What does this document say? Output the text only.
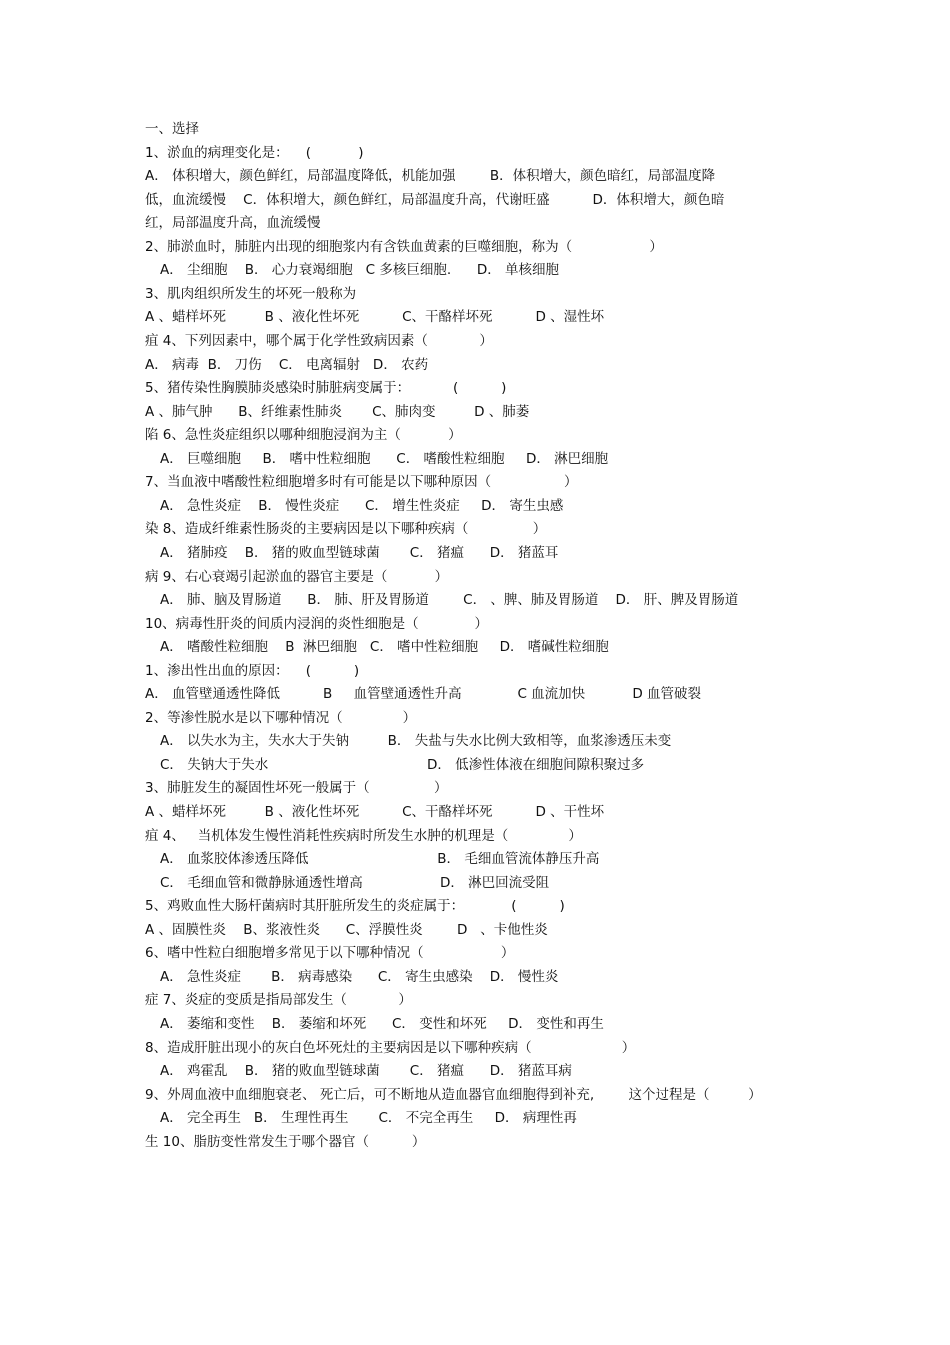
一、选择
1、淤血的病理变化是：    (           )
A． 体积增大，颜色鲜红，局部温度降低，机能加强        B．体积增大，颜色暗红，局部温度降
低，血流缓慢    C．体积增大，颜色鲜红，局部温度升高，代谢旺盛          D．体积增大，颜色暗
红，局部温度升高，血流缓慢
2、肺淤血时，肺脏内出现的细胞浆内有含铁血黄素的巨噬细胞，称为（                  ）
A． 尘细胞    B． 心力衰竭细胞   C 多核巨细胞.      D． 单核细胞
3、肌肉组织所发生的坏死一般称为
A 、蜡样坏死         B 、液化性坏死          C、干酪样坏死          D 、湿性坏
疽 4、下列因素中，哪个属于化学性致病因素（            ）
A． 病毒  B． 刀伤    C． 电离辐射   D． 农药
5、猪传染性胸膜肺炎感染时肺脏病变属于：          (          )
A 、肺气肿      B、纤维素性肺炎       C、肺肉变         D 、肺萎
陷 6、急性炎症组织以哪种细胞浸润为主（           ）
A． 巨噬细胞     B． 嗜中性粒细胞      C． 嗜酸性粒细胞     D． 淋巴细胞
7、当血液中嗜酸性粒细胞增多时有可能是以下哪种原因（                 ）
A． 急性炎症    B． 慢性炎症      C． 增生性炎症     D． 寄生虫感
染 8、造成纤维素性肠炎的主要病因是以下哪种疾病（               ）
A． 猪肺疫    B． 猪的败血型链球菌       C． 猪瘟      D． 猪蓝耳
病 9、右心衰竭引起淤血的器官主要是（           ）
A． 肺、脑及胃肠道      B． 肺、肝及胃肠道        C． 、脾、肺及胃肠道    D． 肝、脾及胃肠道
10、病毒性肝炎的间质内浸润的炎性细胞是（             ）
A． 嗜酸性粒细胞    B  淋巴细胞   C． 嗜中性粒细胞     D． 嗜碱性粒细胞
1、渗出性出血的原因：    (          )
A． 血管壁通透性降低          B     血管壁通透性升高             C 血流加快           D 血管破裂
2、等渗性脱水是以下哪种情况（              ）
A． 以失水为主，失水大于失钠         B． 失盐与失水比例大致相等，血浆渗透压未变
C． 失钠大于失水                                     D． 低渗性体液在细胞间隙积聚过多
3、肺脏发生的凝固性坏死一般属于（               ）
A 、蜡样坏死         B 、液化性坏死          C、干酪样坏死          D 、干性坏
疽 4、   当机体发生慢性消耗性疾病时所发生水肿的机理是（              ）
A． 血浆胶体渗透压降低                              B． 毛细血管流体静压升高
C． 毛细血管和微静脉通透性增高                  D． 淋巴回流受阻
5、鸡败血性大肠杆菌病时其肝脏所发生的炎症属于：           (          )
A 、固膜性炎    B、浆液性炎      C、浮膜性炎        D   、卡他性炎
6、嗜中性粒白细胞增多常见于以下哪种情况（                  ）
A． 急性炎症       B． 病毒感染      C． 寄生虫感染    D． 慢性炎
症 7、炎症的变质是指局部发生（            ）
A． 萎缩和变性    B． 萎缩和坏死      C． 变性和坏死     D． 变性和再生
8、造成肝脏出现小的灰白色坏死灶的主要病因是以下哪种疾病（                     ）
A． 鸡霍乱    B． 猪的败血型链球菌       C． 猪瘟      D． 猪蓝耳病
9、外周血液中血细胞衰老、 死亡后，可不断地从造血器官血细胞得到补充,        这个过程是（         ）
A． 完全再生   B． 生理性再生       C． 不完全再生     D． 病理性再
生 10、脂肪变性常发生于哪个器官（          ）
